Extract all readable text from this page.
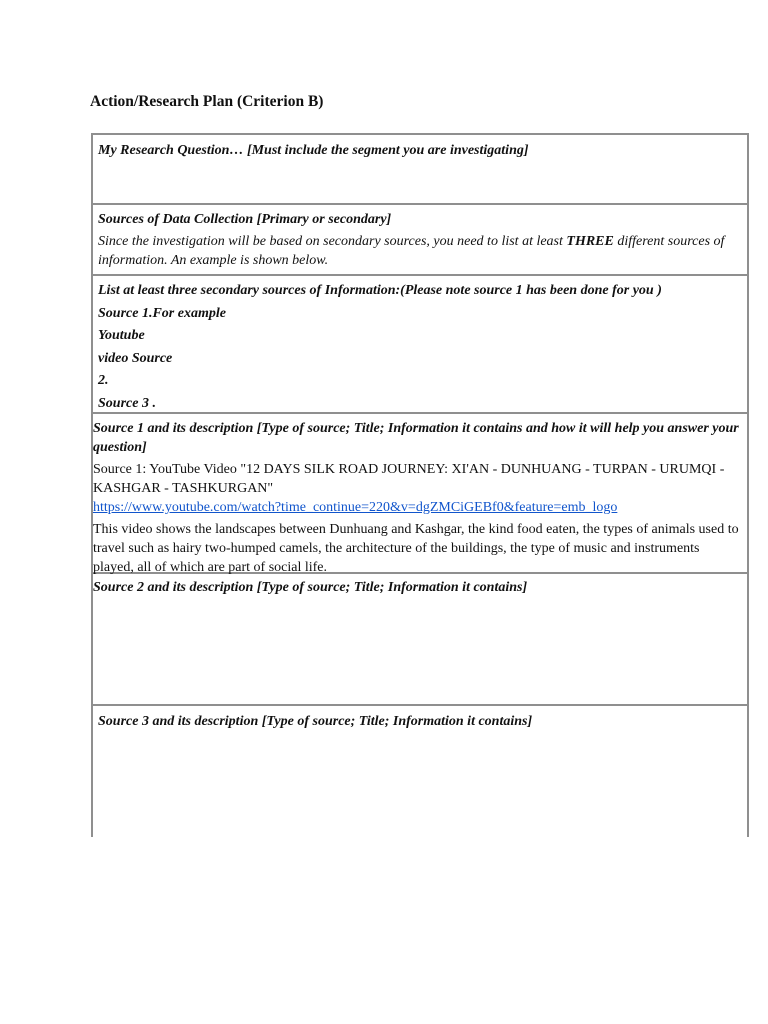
Action/Research Plan (Criterion B)
My Research Question… [Must include the segment you are investigating]
Sources of Data Collection [Primary or secondary]
Since the investigation will be based on secondary sources, you need to list at least THREE different sources of information. An example is shown below.
List at least three secondary sources of Information:(Please note source 1 has been done for you )
Source 1.For example
Youtube
video Source
2.
Source 3 .
Source 1 and its description [Type of source; Title; Information it contains and how it will help you answer your question]
Source 1: YouTube Video "12 DAYS SILK ROAD JOURNEY: XI'AN - DUNHUANG - TURPAN - URUMQI - KASHGAR - TASHKURGAN"
https://www.youtube.com/watch?time_continue=220&v=dgZMCiGEBf0&feature=emb_logo
This video shows the landscapes between Dunhuang and Kashgar, the kind food eaten, the types of animals used to travel such as hairy two-humped camels, the architecture of the buildings, the type of music and instruments played, all of which are part of social life.
Source 2 and its description [Type of source; Title; Information it contains]
Source 3 and its description [Type of source; Title; Information it contains]
